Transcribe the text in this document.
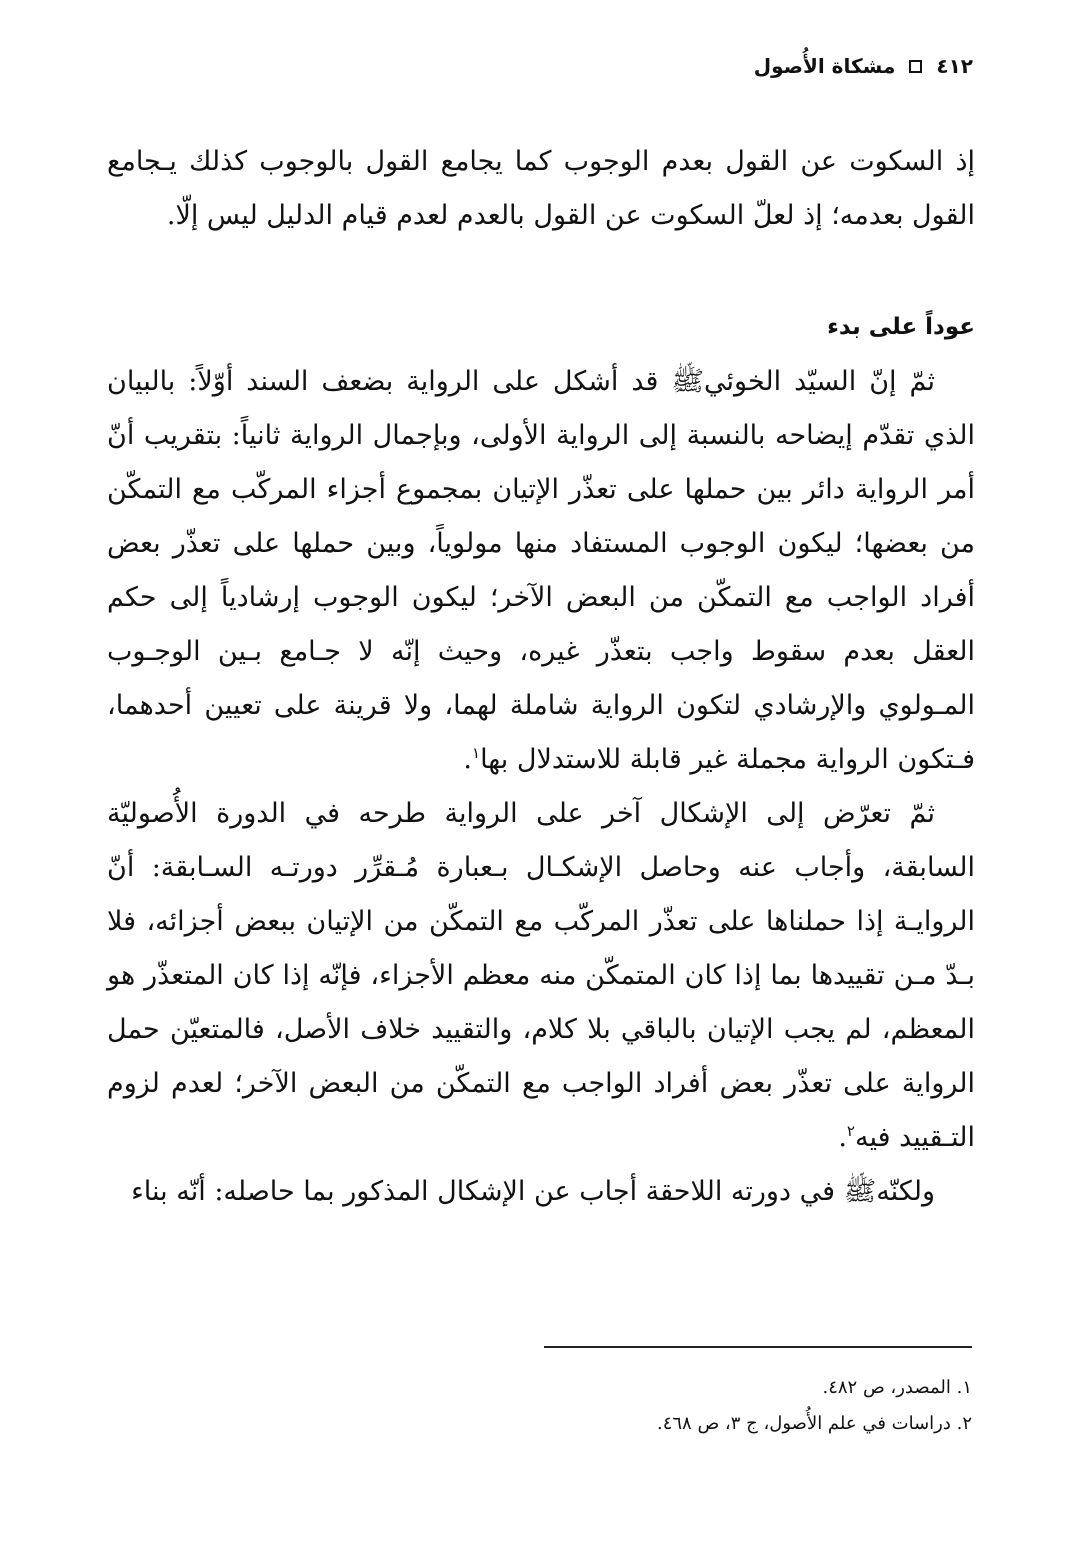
٤١٢
مشكاة الأُصول

إذ السكوت عن القول بعدم الوجوب كما يجامع القول بالوجوب كذلك يـجامع القول بعدمه؛ إذ لعلّ السكوت عن القول بالعدم لعدم قيام الدليل ليس إلّا.

عوداً على بدء

ثمّ إنّ السيّد الخوئيﷺ قد أشكل على الرواية بضعف السند أوّلاً: بالبيان الذي تقدّم إيضاحه بالنسبة إلى الرواية الأولى، وبإجمال الرواية ثانياً: بتقريب أنّ أمر الرواية دائر بين حملها على تعذّر الإتيان بمجموع أجزاء المركّب مع التمكّن من بعضها؛ ليكون الوجوب المستفاد منها مولوياً، وبين حملها على تعذّر بعض أفراد الواجب مع التمكّن من البعض الآخر؛ ليكون الوجوب إرشادياً إلى حكم العقل بعدم سقوط واجب بتعذّر غيره، وحيث إنّه لا جـامع بـين الوجـوب المـولوي والإرشادي لتكون الرواية شاملة لهما، ولا قرينة على تعيين أحدهما، فـتكون الرواية مجملة غير قابلة للاستدلال بها$^١$.

ثمّ تعرّض إلى الإشكال آخر على الرواية طرحه في الدورة الأُصوليّة السابقة، وأجاب عنه وحاصل الإشكـال بـعبارة مُـقرِّر دورتـه السـابقة: أنّ الروايـة إذا حملناها على تعذّر المركّب مع التمكّن من الإتيان ببعض أجزائه، فلا بـدّ مـن تقييدها بما إذا كان المتمكّن منه معظم الأجزاء، فإنّه إذا كان المتعذّر هو المعظم، لم يجب الإتيان بالباقي بلا كلام، والتقييد خلاف الأصل، فالمتعيّن حمل الرواية على تعذّر بعض أفراد الواجب مع التمكّن من البعض الآخر؛ لعدم لزوم التـقييد فيه$^٢$.

ولكنّهﷺ في دورته اللاحقة أجاب عن الإشكال المذكور بما حاصله: أنّه بناء

١. المصدر، ص ٤٨٢.
٢. دراسات في علم الأُصول، ج ٣، ص ٤٦٨.
